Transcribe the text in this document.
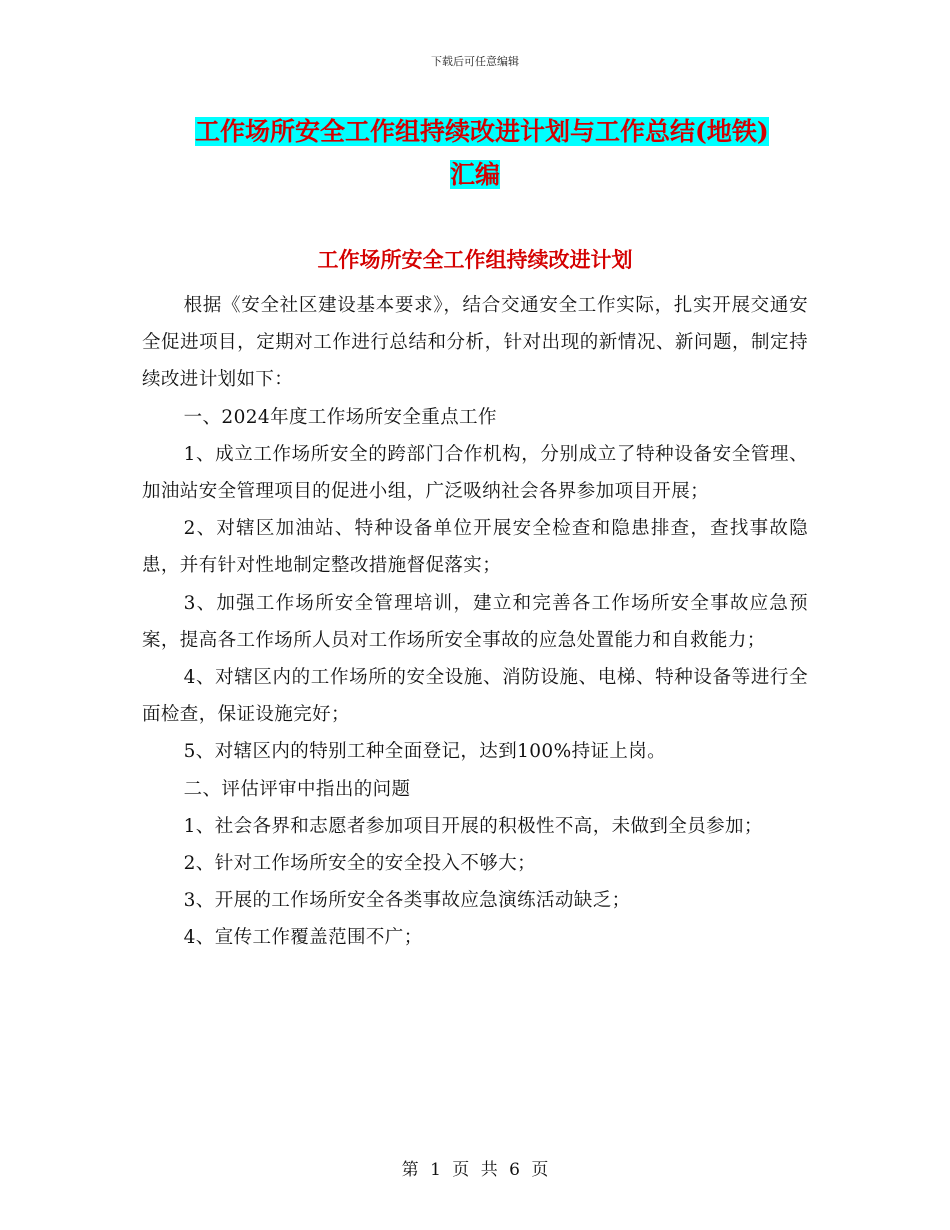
下载后可任意编辑
工作场所安全工作组持续改进计划与工作总结(地铁)
汇编
工作场所安全工作组持续改进计划

根据《安全社区建设基本要求》，结合交通安全工作实际，扎实开展交通安全促进项目，定期对工作进行总结和分析，针对出现的新情况、新问题，制定持续改进计划如下：

一、2024年度工作场所安全重点工作

1、成立工作场所安全的跨部门合作机构，分别成立了特种设备安全管理、加油站安全管理项目的促进小组，广泛吸纳社会各界参加项目开展；

2、对辖区加油站、特种设备单位开展安全检查和隐患排查，查找事故隐患，并有针对性地制定整改措施督促落实；

3、加强工作场所安全管理培训，建立和完善各工作场所安全事故应急预案，提高各工作场所人员对工作场所安全事故的应急处置能力和自救能力；

4、对辖区内的工作场所的安全设施、消防设施、电梯、特种设备等进行全面检查，保证设施完好；

5、对辖区内的特别工种全面登记，达到100%持证上岗。

二、评估评审中指出的问题

1、社会各界和志愿者参加项目开展的积极性不高，未做到全员参加；

2、针对工作场所安全的安全投入不够大；

3、开展的工作场所安全各类事故应急演练活动缺乏；

4、宣传工作覆盖范围不广；

第 1 页 共 6 页
